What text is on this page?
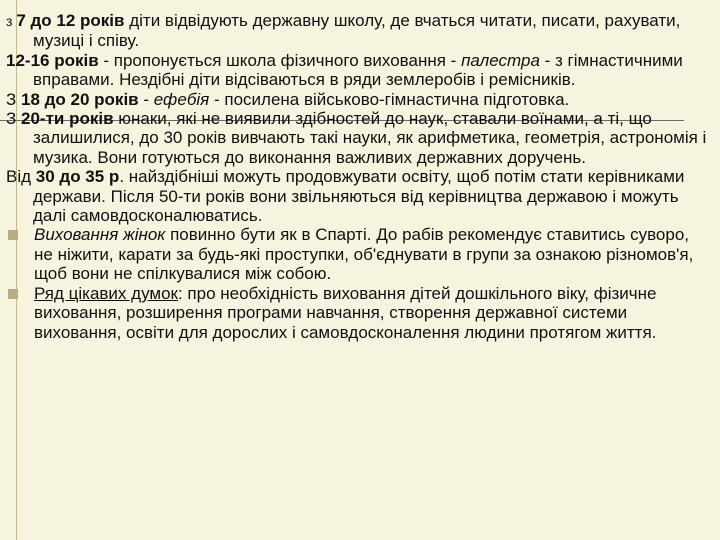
з 7 до 12 років діти відвідують державну школу, де вчаться читати, писати, рахувати, музиці і співу.

12-16 років - пропонується школа фізичного виховання - палестра - з гімнастичними вправами. Нездібні діти відсіваються в ряди землеробів і ремісників.

З 18 до 20 років - ефебія - посилена військово-гімнастична підготовка.

З 20-ти років юнаки, які не виявили здібностей до наук, ставали воїнами, а ті, що залишилися, до 30 років вивчають такі науки, як арифметика, геометрія, астрономія і музика. Вони готуються до виконання важливих державних доручень.

Від 30 до 35 р. найздібніші можуть продовжувати освіту, щоб потім стати керівниками держави. Після 50-ти років вони звільняються від керівництва державою і можуть далі самовдосконалюватись.

Виховання жінок повинно бути як в Спарті. До рабів рекомендує ставитись суворо, не ніжити, карати за будь-які проступки, об'єднувати в групи за ознакою різномов'я, щоб вони не спілкувалися між собою.

Ряд цікавих думок: про необхідність виховання дітей дошкільного віку, фізичне виховання, розширення програми навчання, створення державної системи виховання, освіти для дорослих і самовдосконалення людини протягом життя.
